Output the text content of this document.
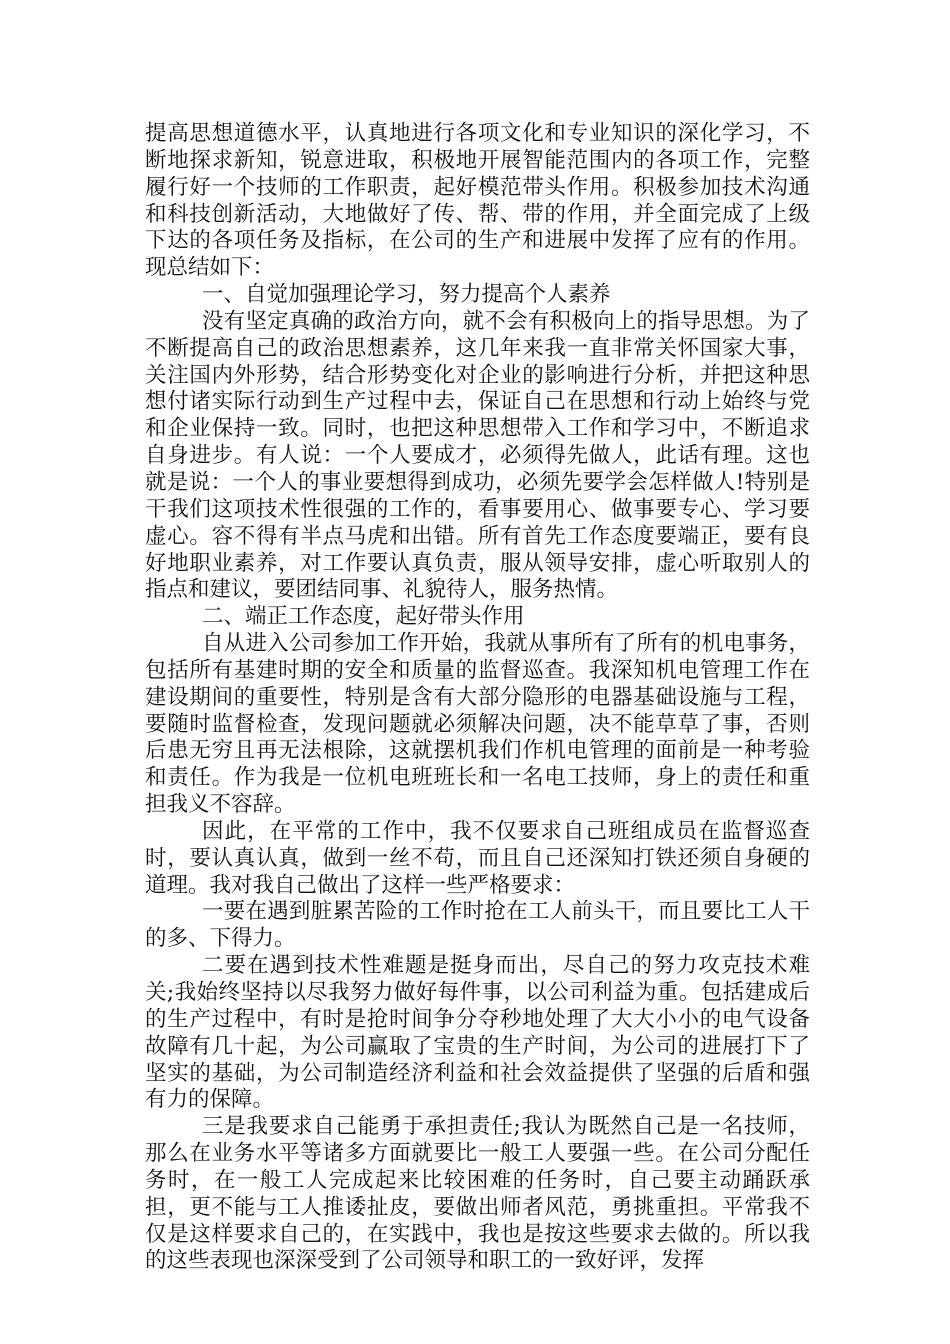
提高思想道德水平，认真地进行各项文化和专业知识的深化学习，不断地探求新知，锐意进取，积极地开展智能范围内的各项工作，完整履行好一个技师的工作职责，起好模范带头作用。积极参加技术沟通和科技创新活动，大地做好了传、帮、带的作用，并全面完成了上级下达的各项任务及指标，在公司的生产和进展中发挥了应有的作用。现总结如下：

一、自觉加强理论学习，努力提高个人素养

没有坚定真确的政治方向，就不会有积极向上的指导思想。为了不断提高自己的政治思想素养，这几年来我一直非常关怀国家大事，关注国内外形势，结合形势变化对企业的影响进行分析，并把这种思想付诸实际行动到生产过程中去，保证自己在思想和行动上始终与党和企业保持一致。同时，也把这种思想带入工作和学习中，不断追求自身进步。有人说：一个人要成才，必须得先做人，此话有理。这也就是说：一个人的事业要想得到成功，必须先要学会怎样做人!特别是干我们这项技术性很强的工作的，看事要用心、做事要专心、学习要虚心。容不得有半点马虎和出错。所有首先工作态度要端正，要有良好地职业素养，对工作要认真负责，服从领导安排，虚心听取别人的指点和建议，要团结同事、礼貌待人，服务热情。

二、端正工作态度，起好带头作用

自从进入公司参加工作开始，我就从事所有了所有的机电事务，包括所有基建时期的安全和质量的监督巡查。我深知机电管理工作在建设期间的重要性，特别是含有大部分隐形的电器基础设施与工程，要随时监督检查，发现问题就必须解决问题，决不能草草了事，否则后患无穷且再无法根除，这就摆机我们作机电管理的面前是一种考验和责任。作为我是一位机电班班长和一名电工技师，身上的责任和重担我义不容辞。

因此，在平常的工作中，我不仅要求自己班组成员在监督巡查时，要认真认真，做到一丝不苟，而且自己还深知打铁还须自身硬的道理。我对我自己做出了这样一些严格要求：

一要在遇到脏累苦险的工作时抢在工人前头干，而且要比工人干的多、下得力。

二要在遇到技术性难题是挺身而出，尽自己的努力攻克技术难关;我始终坚持以尽我努力做好每件事，以公司利益为重。包括建成后的生产过程中，有时是抢时间争分夺秒地处理了大大小小的电气设备故障有几十起，为公司赢取了宝贵的生产时间，为公司的进展打下了坚实的基础，为公司制造经济利益和社会效益提供了坚强的后盾和强有力的保障。

三是我要求自己能勇于承担责任;我认为既然自己是一名技师，那么在业务水平等诸多方面就要比一般工人要强一些。在公司分配任务时，在一般工人完成起来比较困难的任务时，自己要主动踊跃承担，更不能与工人推诿扯皮，要做出师者风范，勇挑重担。平常我不仅是这样要求自己的，在实践中，我也是按这些要求去做的。所以我的这些表现也深深受到了公司领导和职工的一致好评，发挥
